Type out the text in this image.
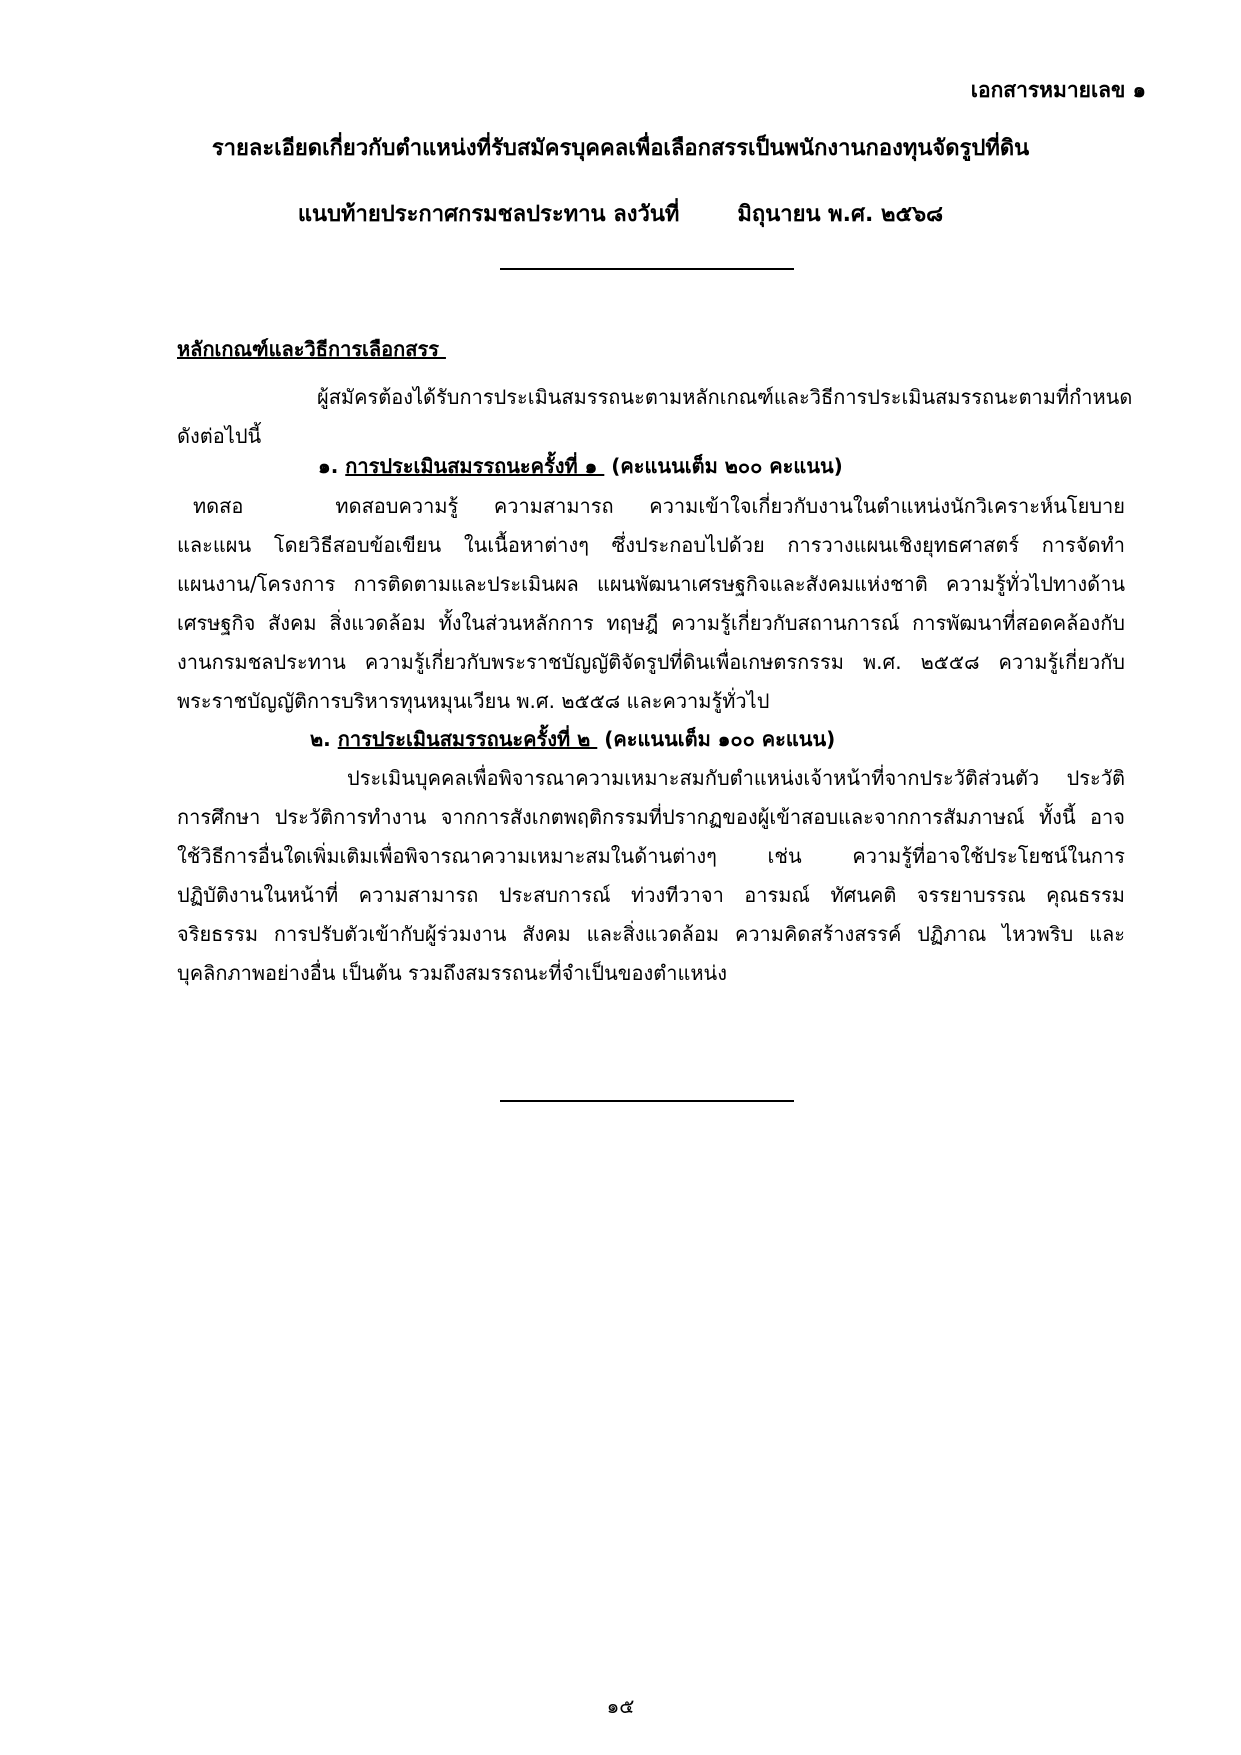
เอกสารหมายเลข ๑
รายละเอียดเกี่ยวกับตำแหน่งที่รับสมัครบุคคลเพื่อเลือกสรรเป็นพนักงานกองทุนจัดรูปที่ดิน
แนบท้ายประกาศกรมชลประทาน ลงวันที่	มิถุนายน พ.ศ. ๒๕๖๘
หลักเกณฑ์และวิธีการเลือกสรร
ผู้สมัครต้องได้รับการประเมินสมรรถนะตามหลักเกณฑ์และวิธีการประเมินสมรรถนะตามที่กำหนด
ดังต่อไปนี้
๑. การประเมินสมรรถนะครั้งที่ ๑  (คะแนนเต็ม ๒๐๐ คะแนน)
ทดสอ	ทดสอบความรู้ ความสามารถ ความเข้าใจเกี่ยวกับงานในตำแหน่งนักวิเคราะห์นโยบาย
และแผน โดยวิธีสอบข้อเขียน ในเนื้อหาต่างๆ ซึ่งประกอบไปด้วย การวางแผนเชิงยุทธศาสตร์ การจัดทำ
แผนงาน/โครงการ การติดตามและประเมินผล แผนพัฒนาเศรษฐกิจและสังคมแห่งชาติ ความรู้ทั่วไปทางด้าน
เศรษฐกิจ สังคม สิ่งแวดล้อม ทั้งในส่วนหลักการ ทฤษฎี ความรู้เกี่ยวกับสถานการณ์ การพัฒนาที่สอดคล้องกับ
งานกรมชลประทาน ความรู้เกี่ยวกับพระราชบัญญัติจัดรูปที่ดินเพื่อเกษตรกรรม พ.ศ. ๒๕๕๘ ความรู้เกี่ยวกับ
พระราชบัญญัติการบริหารทุนหมุนเวียน พ.ศ. ๒๕๕๘ และความรู้ทั่วไป
๒. การประเมินสมรรถนะครั้งที่ ๒  (คะแนนเต็ม ๑๐๐ คะแนน)
ประเมินบุคคลเพื่อพิจารณาความเหมาะสมกับตำแหน่งเจ้าหน้าที่จากประวัติส่วนตัว ประวัติ
การศึกษา ประวัติการทำงาน จากการสังเกตพฤติกรรมที่ปรากฏของผู้เข้าสอบและจากการสัมภาษณ์ ทั้งนี้ อาจ
ใช้วิธีการอื่นใดเพิ่มเติมเพื่อพิจารณาความเหมาะสมในด้านต่างๆ เช่น ความรู้ที่อาจใช้ประโยชน์ในการ
ปฏิบัติงานในหน้าที่ ความสามารถ ประสบการณ์ ท่วงทีวาจา อารมณ์ ทัศนคติ จรรยาบรรณ คุณธรรม
จริยธรรม การปรับตัวเข้ากับผู้ร่วมงาน สังคม และสิ่งแวดล้อม ความคิดสร้างสรรค์ ปฏิภาณ ไหวพริบ และ
บุคลิกภาพอย่างอื่น เป็นต้น รวมถึงสมรรถนะที่จำเป็นของตำแหน่ง
๑๕
